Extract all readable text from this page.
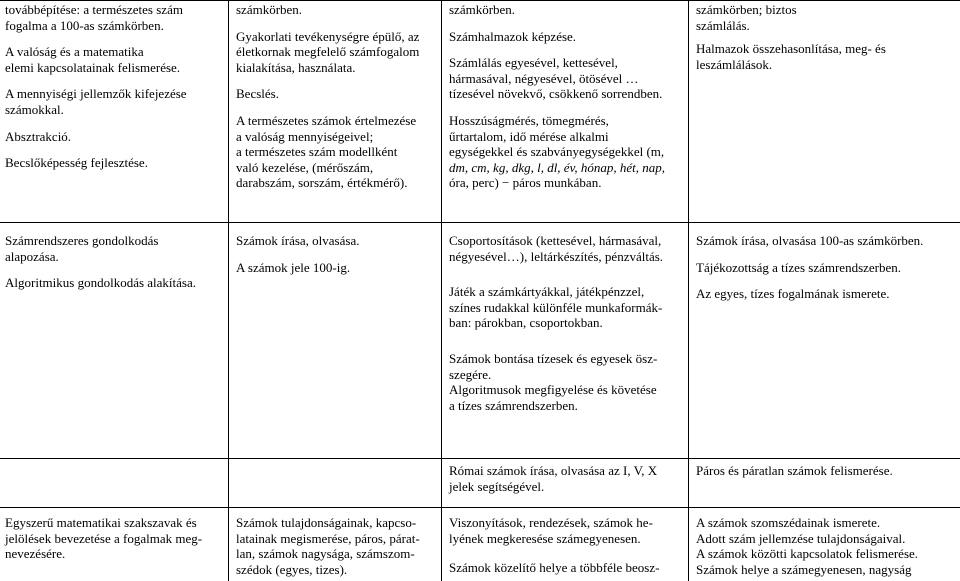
továbbépítése: a természetes szám

fogalma a 100-as számkörben.

A valóság és a matematika

elemi kapcsolatainak felismerése.

A mennyiségi jellemzők kifejezése

számokkal.

Absztrakció.

Becslőképesség fejlesztése.

számkörben.

Gyakorlati tevékenységre épülő, az

életkornak megfelelő számfogalom

kialakítása, használata.

Becslés.

A természetes számok értelmezése

a valóság mennyiségeivel;

a természetes szám modellként

való kezelése, (mérőszám,

darabszám, sorszám, értékmérő).

számkörben.

Számhalmazok képzése.

Számlálás egyesével, kettesével,

hármasával, négyesével, ötösével …

tízesével növekvő, csökkenő sorrendben.

Hosszúságmérés, tömegmérés,

űrtartalom, idő mérése alkalmi

egységekkel és szabványegységekkel (m,

dm, cm, kg, dkg, l, dl, év, hónap, hét, nap,

óra, perc) − páros munkában.

számkörben; biztos

számlálás.

Halmazok összehasonlítása, meg- és

leszámlálások.

Számrendszeres gondolkodás

alapozása.

Algoritmikus gondolkodás alakítása.

Számok írása, olvasása.

A számok jele 100-ig.

Csoportosítások (kettesével, hármasával,

négyesével…), leltárkészítés, pénzváltás.

Játék a számkártyákkal, játékpénzzel,

színes rudakkal különféle munkaformák-

ban: párokban, csoportokban.

Számok bontása tízesek és egyesek ösz-

szegére.

Algoritmusok megfigyelése és követése

a tízes számrendszerben.

Számok írása, olvasása 100-as számkörben.

Tájékozottság a tízes számrendszerben.

Az egyes, tízes fogalmának ismerete.

Római számok írása, olvasása az I, V, X

jelek segítségével.

Páros és páratlan számok felismerése.

Egyszerű matematikai szakszavak és

jelölések bevezetése a fogalmak meg-

nevezésére.

Számok tulajdonságainak, kapcso-

latainak megismerése, páros, párat-

lan, számok nagysága, számszom-

szédok (egyes, tizes).

Viszonyítások, rendezések, számok he-

lyének megkeresése számegyenesen.

Számok közelítő helye a többféle beosz-

A számok szomszédainak ismerete.

Adott szám jellemzése tulajdonságaival.

A számok közötti kapcsolatok felismerése.

Számok helye a számegyenesen, nagyság
